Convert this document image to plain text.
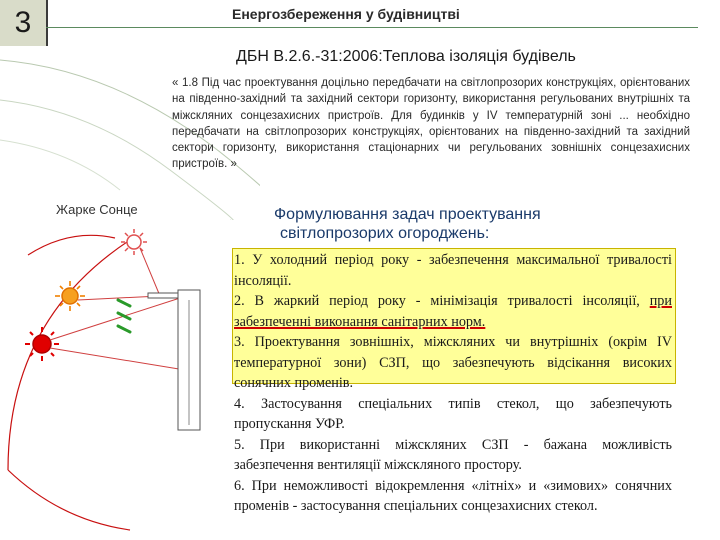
3	Енергозбереження у будівництві
ДБН В.2.6.-31:2006:Теплова ізоляція будівель
« 1.8 Під час проектування доцільно передбачати на світлопрозорих конструкціях, орієнтованих на південно-західний та західний сектори горизонту, використання регульованих внутрішніх та міжскляних сонцезахисних пристроїв. Для будинків у IV температурній зоні ... необхідно передбачати на світлопрозорих конструкціях, орієнтованих на південно-західний та західний сектори горизонту, використання стаціонарних чи регульованих зовнішніх сонцезахисних пристроїв. »
Жарке Сонце	Формулювання задач проектування
світлопрозорих огороджень:

1. У холодний період року - забезпечення максимальної тривалості інсоляції.

2. В жаркий період року - мінімізація тривалості інсоляції, при забезпеченні виконання санітарних норм.

3. Проектування зовнішніх, міжскляних чи внутрішніх (окрім IV температурної зони) СЗП, що забезпечують відсікання високих сонячних променів.

4. Застосування спеціальних типів стекол, що забезпечують пропускання УФР.

5. При використанні міжскляних СЗП - бажана можливість забезпечення вентиляції міжскляного простору.

6. При неможливості відокремлення «літніх» и «зимових» сонячних променів - застосування спеціальних сонцезахисних стекол.
